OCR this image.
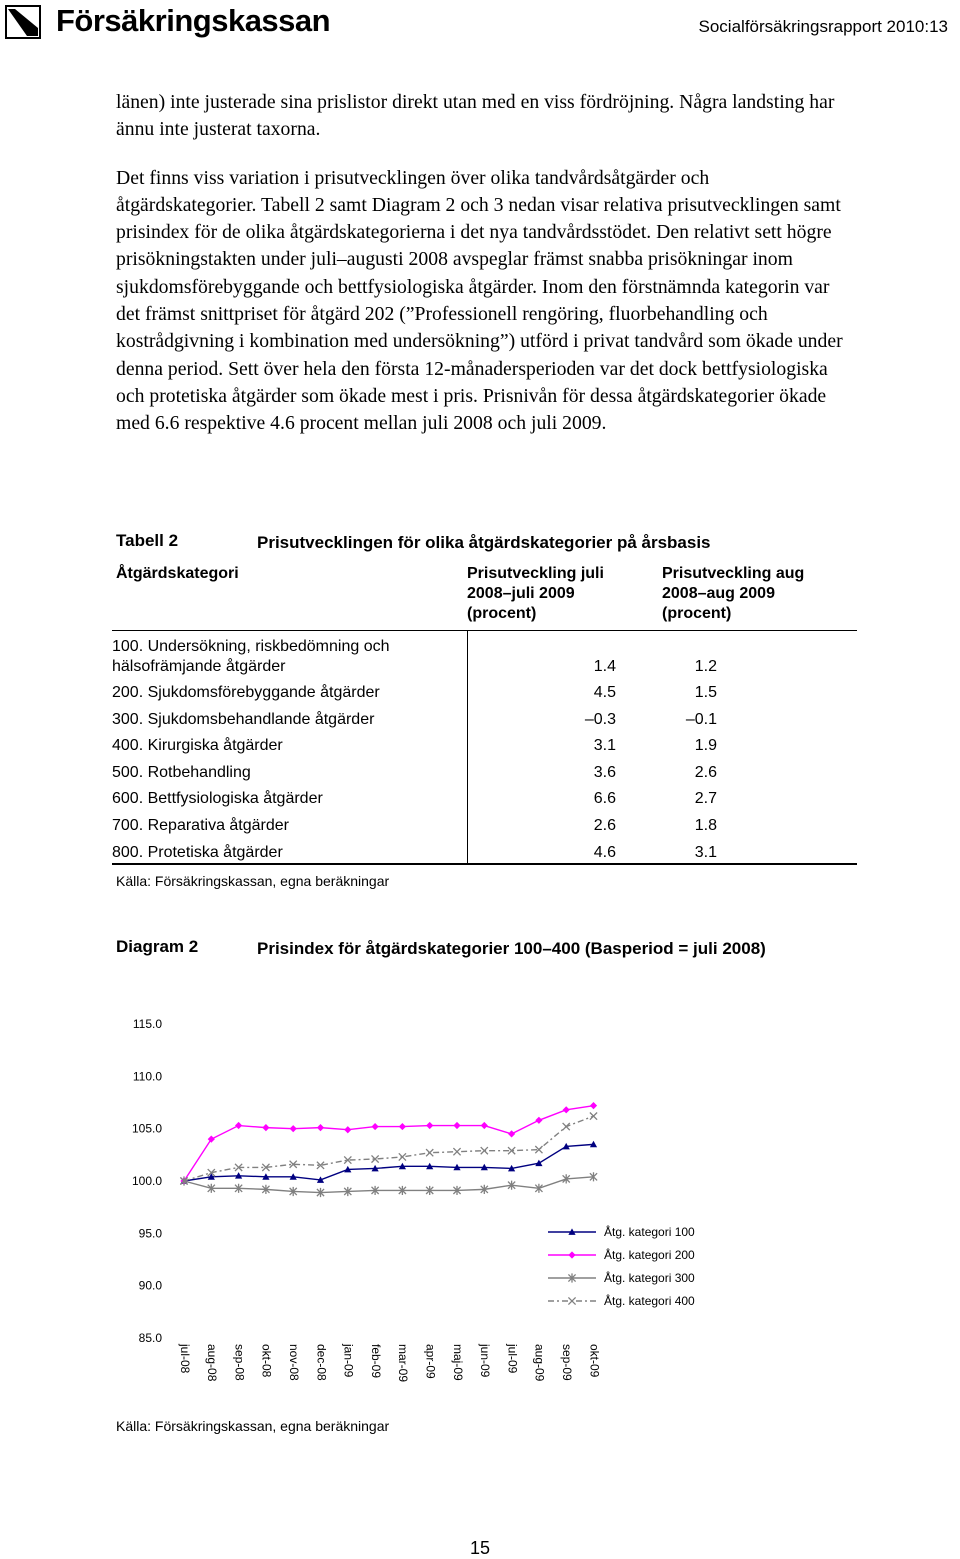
Försäkringskassan	Socialförsäkringsrapport 2010:13

länen) inte justerade sina prislistor direkt utan med en viss fördröjning. Några landsting har ännu inte justerat taxorna.

Det finns viss variation i prisutvecklingen över olika tandvårdsåtgärder och åtgärdskategorier. Tabell 2 samt Diagram 2 och 3 nedan visar relativa prisutvecklingen samt prisindex för de olika åtgärdskategorierna i det nya tandvårdsstödet. Den relativt sett högre prisökningstakten under juli–augusti 2008 avspeglar främst snabba prisökningar inom sjukdomsförebyggande och bettfysiologiska åtgärder. Inom den förstnämnda kategorin var det främst snittpriset för åtgärd 202 (”Professionell rengöring, fluorbehandling och kostrådgivning i kombination med undersökning”) utförd i privat tandvård som ökade under denna period. Sett över hela den första 12-månadersperioden var det dock bettfysiologiska och protetiska åtgärder som ökade mest i pris. Prisnivån för dessa åtgärdskategorier ökade med 6.6 respektive 4.6 procent mellan juli 2008 och juli 2009.

Tabell 2	Prisutvecklingen för olika åtgärdskategorier på årsbasis
Åtgärdskategori	Prisutveckling juli 2008–juli 2009 (procent)	Prisutveckling aug 2008–aug 2009 (procent)
100. Undersökning, riskbedömning och hälsofrämjande åtgärder	1.4	1.2
200. Sjukdomsförebyggande åtgärder	4.5	1.5
300. Sjukdomsbehandlande åtgärder	–0.3	–0.1
400. Kirurgiska åtgärder	3.1	1.9
500. Rotbehandling	3.6	2.6
600. Bettfysiologiska åtgärder	6.6	2.7
700. Reparativa åtgärder	2.6	1.8
800. Protetiska åtgärder	4.6	3.1
Källa: Försäkringskassan, egna beräkningar
Diagram 2	Prisindex för åtgärdskategorier 100–400 (Basperiod = juli 2008)
115.0
110.0
105.0
100.0
95.0
90.0
85.0
jul-08 aug-08 sep-08 okt-08 nov-08 dec-08 jan-09 feb-09 mar-09 apr-09 maj-09 jun-09 jul-09 aug-09 sep-09 okt-09
Åtg. kategori 100
Åtg. kategori 200
Åtg. kategori 300
Åtg. kategori 400
Källa: Försäkringskassan, egna beräkningar
15
